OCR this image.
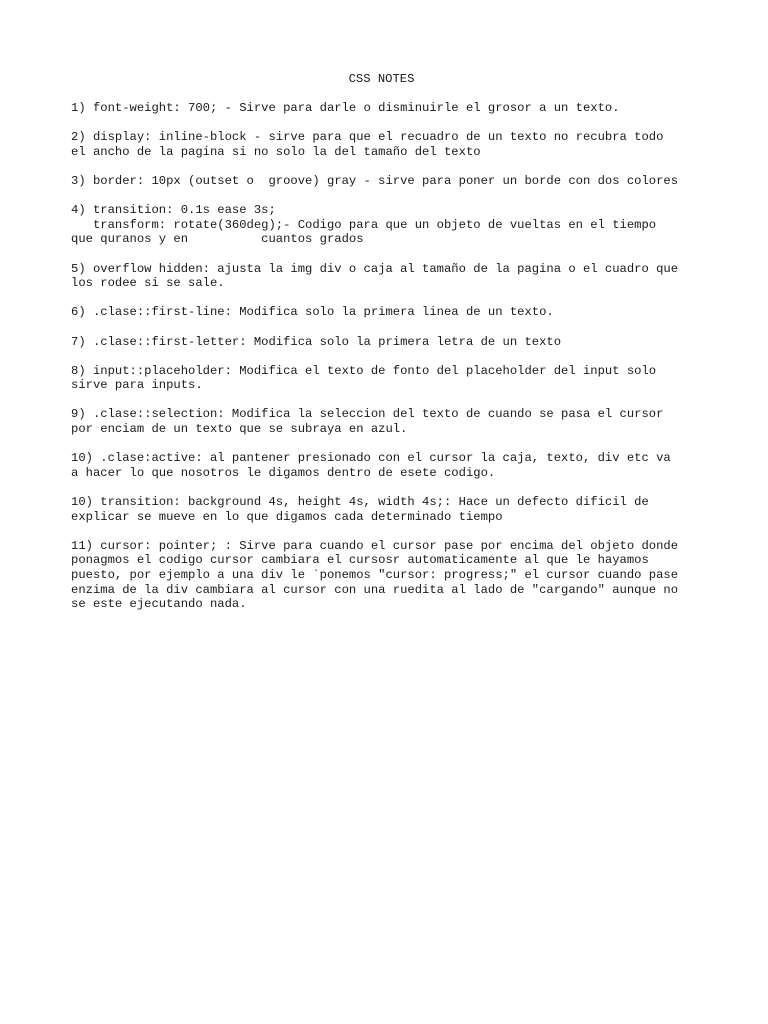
CSS NOTES
1) font-weight: 700; - Sirve para darle o disminuirle el grosor a un texto.
2) display: inline-block - sirve para que el recuadro de un texto no recubra todo
el ancho de la pagina si no solo la del tamaño del texto
3) border: 10px (outset o  groove) gray - sirve para poner un borde con dos colores
4) transition: 0.1s ease 3s;
transform: rotate(360deg);- Codigo para que un objeto de vueltas en el tiempo
que quranos y en          cuantos grados
5) overflow hidden: ajusta la img div o caja al tamaño de la pagina o el cuadro que
los rodee si se sale.
6) .clase::first-line: Modifica solo la primera linea de un texto.
7) .clase::first-letter: Modifica solo la primera letra de un texto
8) input::placeholder: Modifica el texto de fonto del placeholder del input solo
sirve para inputs.
9) .clase::selection: Modifica la seleccion del texto de cuando se pasa el cursor
por enciam de un texto que se subraya en azul.
10) .clase:active: al pantener presionado con el cursor la caja, texto, div etc va
a hacer lo que nosotros le digamos dentro de esete codigo.
10) transition: background 4s, height 4s, width 4s;: Hace un defecto dificil de
explicar se mueve en lo que digamos cada determinado tiempo
11) cursor: pointer; : Sirve para cuando el cursor pase por encima del objeto donde
ponagmos el codigo cursor cambiara el cursosr automaticamente al que le hayamos
puesto, por ejemplo a una div le `ponemos "cursor: progress;" el cursor cuando pase
enzima de la div cambiara al cursor con una ruedita al lado de "cargando" aunque no
se este ejecutando nada.
